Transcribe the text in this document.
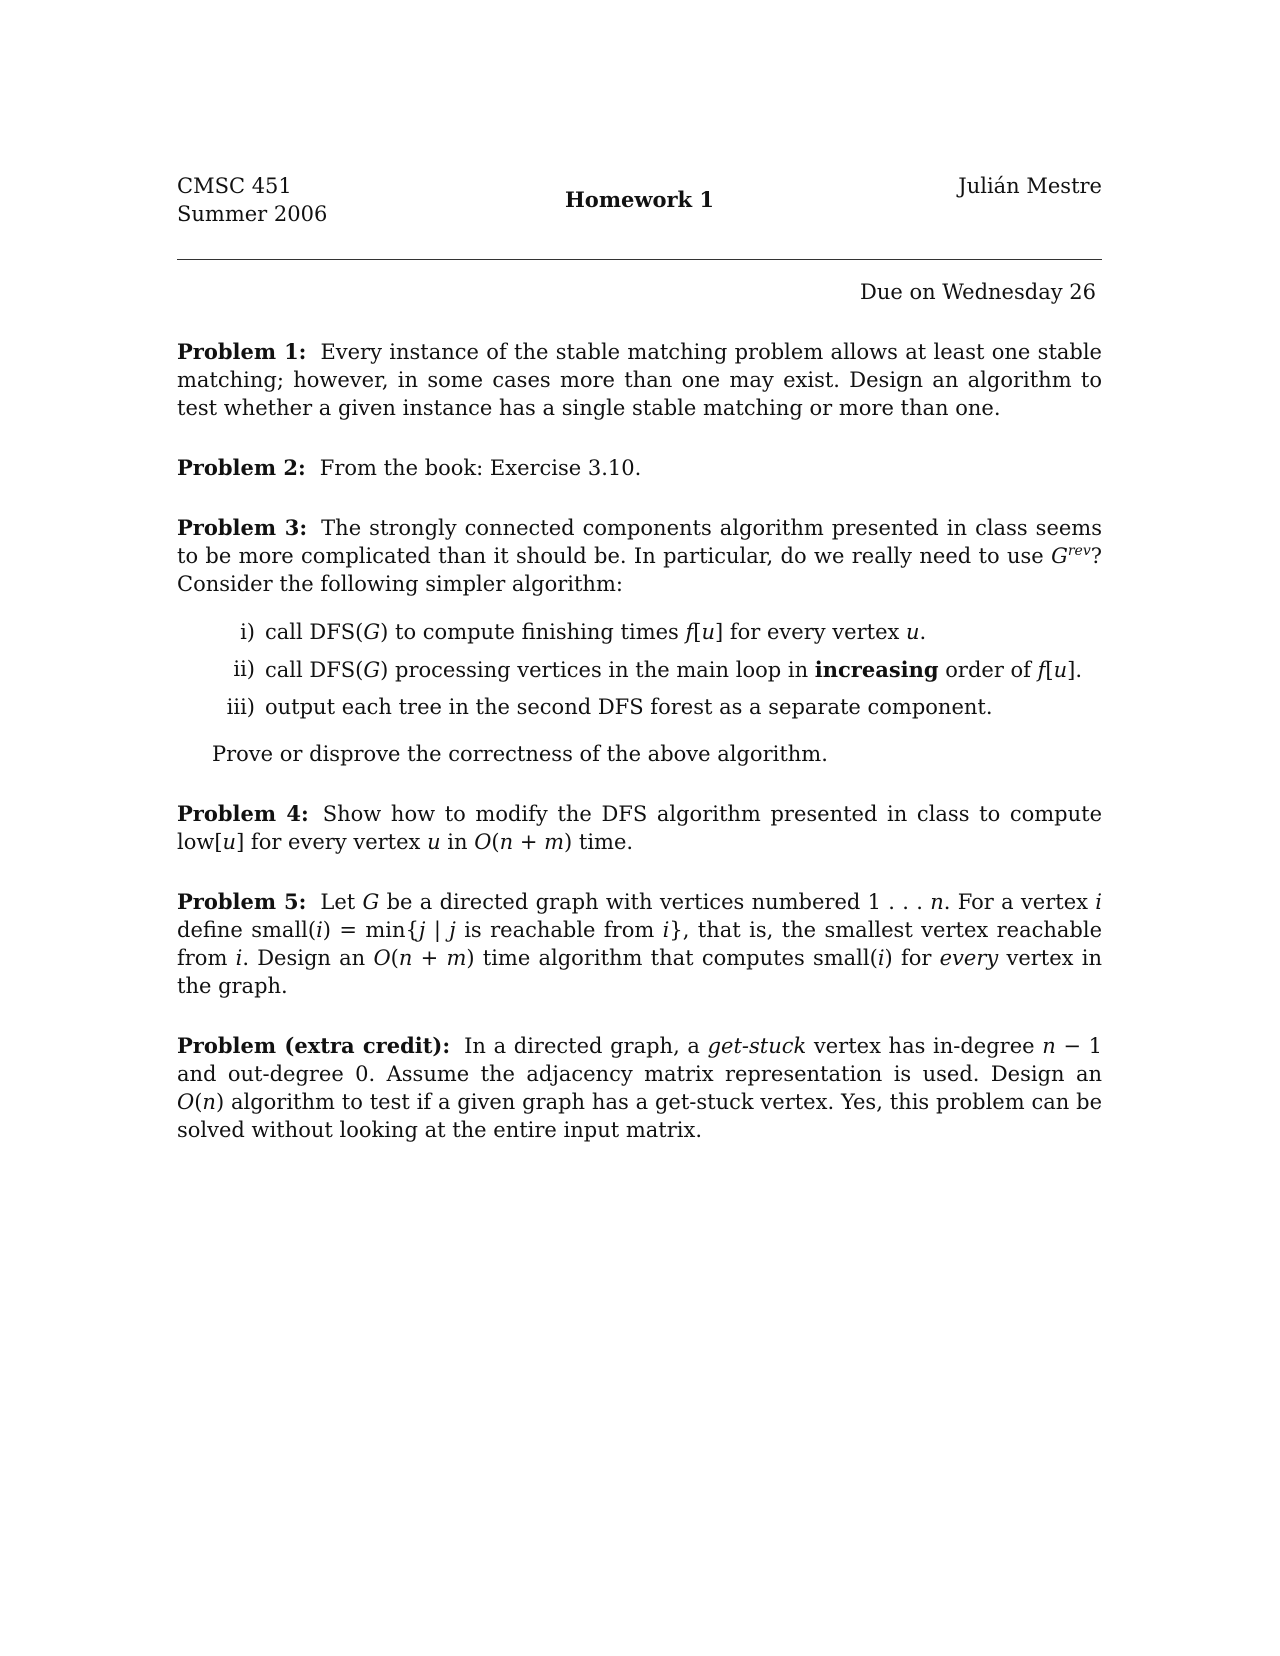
CMSC 451
Summer 2006
Homework 1
Julián Mestre
Due on Wednesday 26

Problem 1: Every instance of the stable matching problem allows at least one stable matching; however, in some cases more than one may exist. Design an algorithm to test whether a given instance has a single stable matching or more than one.

Problem 2: From the book: Exercise 3.10.

Problem 3: The strongly connected components algorithm presented in class seems to be more complicated than it should be. In particular, do we really need to use $G^{rev}$? Consider the following simpler algorithm:

i) call DFS(G) to compute finishing times f[u] for every vertex u.
ii) call DFS(G) processing vertices in the main loop in increasing order of f[u].
iii) output each tree in the second DFS forest as a separate component.

Prove or disprove the correctness of the above algorithm.

Problem 4: Show how to modify the DFS algorithm presented in class to compute low[u] for every vertex u in O(n + m) time.

Problem 5: Let G be a directed graph with vertices numbered 1 . . . n. For a vertex i define small(i) = min{j | j is reachable from i}, that is, the smallest vertex reachable from i. Design an O(n + m) time algorithm that computes small(i) for every vertex in the graph.

Problem (extra credit): In a directed graph, a get-stuck vertex has in-degree n − 1 and out-degree 0. Assume the adjacency matrix representation is used. Design an O(n) algorithm to test if a given graph has a get-stuck vertex. Yes, this problem can be solved without looking at the entire input matrix.
